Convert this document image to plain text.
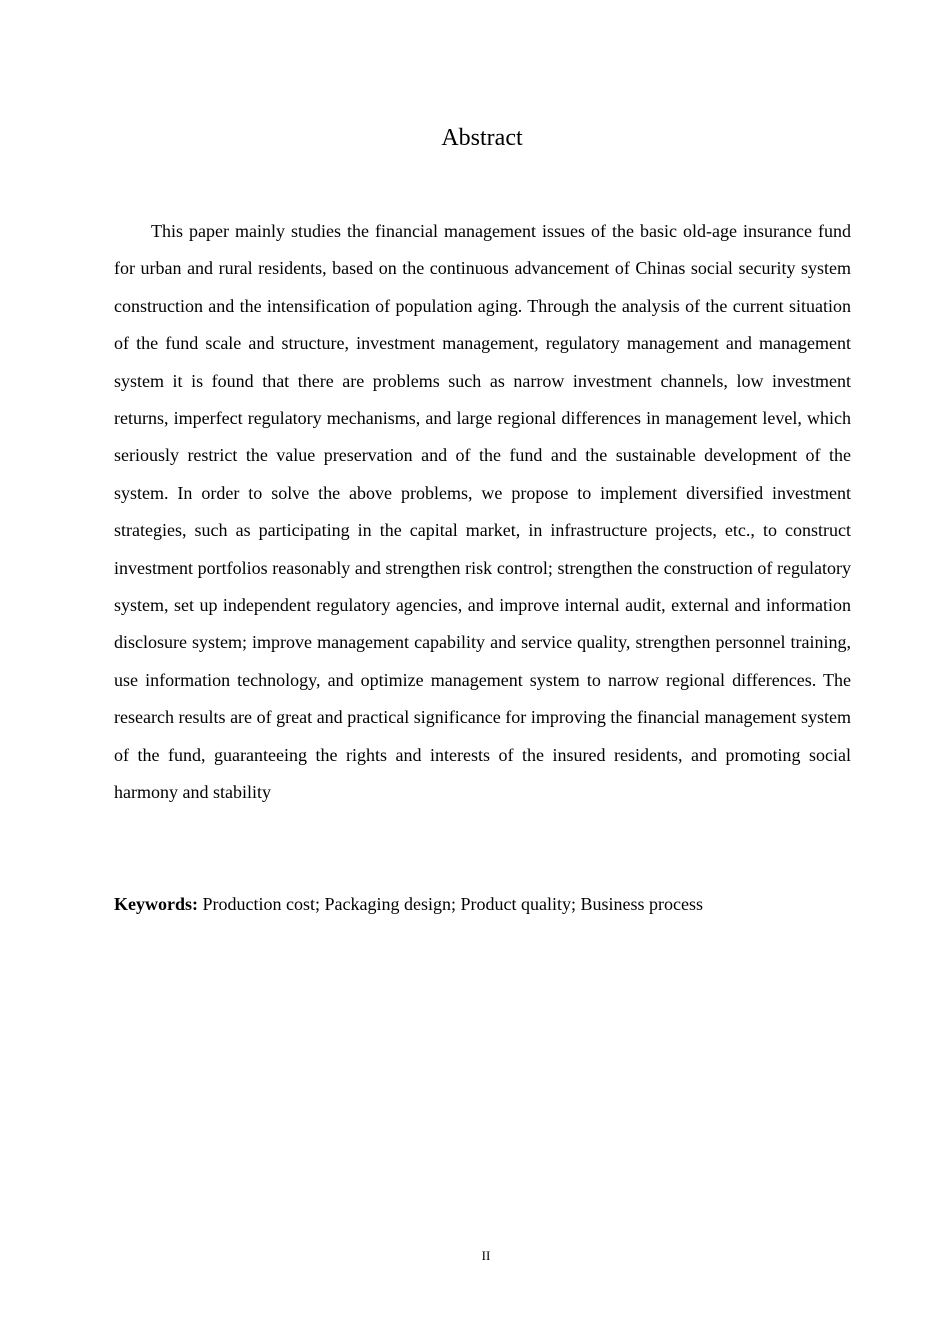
Abstract

This paper mainly studies the financial management issues of the basic old-age insurance fund for urban and rural residents, based on the continuous advancement of Chinas social security system construction and the intensification of population aging. Through the analysis of the current situation of the fund scale and structure, investment management, regulatory management and management system it is found that there are problems such as narrow investment channels, low investment returns, imperfect regulatory mechanisms, and large regional differences in management level, which seriously restrict the value preservation and of the fund and the sustainable development of the system. In order to solve the above problems, we propose to implement diversified investment strategies, such as participating in the capital market, in infrastructure projects, etc., to construct investment portfolios reasonably and strengthen risk control; strengthen the construction of regulatory system, set up independent regulatory agencies, and improve internal audit, external and information disclosure system; improve management capability and service quality, strengthen personnel training, use information technology, and optimize management system to narrow regional differences. The research results are of great and practical significance for improving the financial management system of the fund, guaranteeing the rights and interests of the insured residents, and promoting social harmony and stability

Keywords: Production cost; Packaging design; Product quality; Business process

II
